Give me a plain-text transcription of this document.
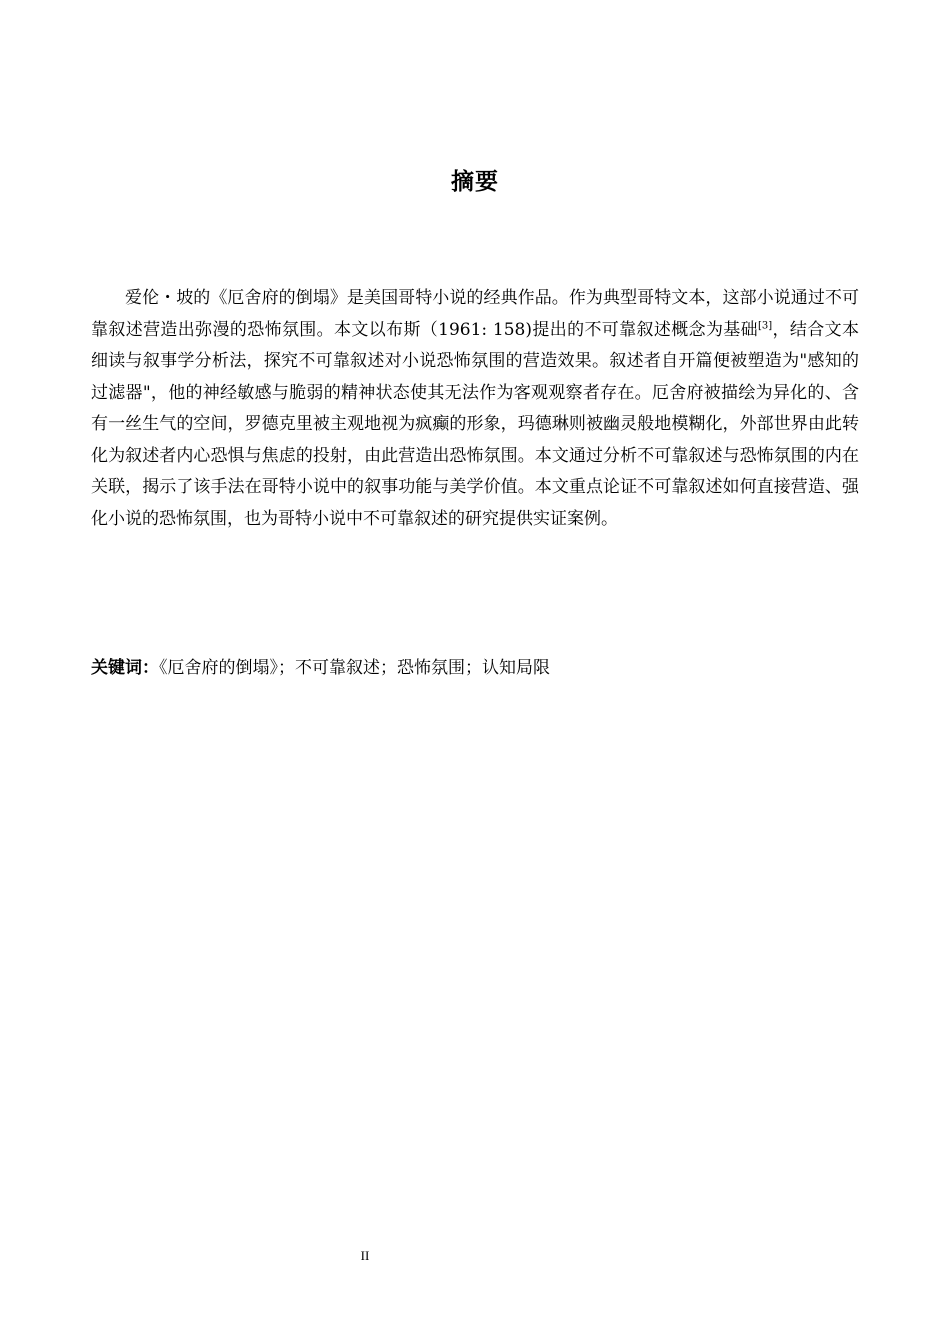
摘要

爱伦・坡的《厄舍府的倒塌》是美国哥特小说的经典作品。作为典型哥特文本，这部小说通过不可靠叙述营造出弥漫的恐怖氛围。本文以布斯（1961: 158)提出的不可靠叙述概念为基础[3]，结合文本细读与叙事学分析法，探究不可靠叙述对小说恐怖氛围的营造效果。叙述者自开篇便被塑造为"感知的过滤器"，他的神经敏感与脆弱的精神状态使其无法作为客观观察者存在。厄舍府被描绘为异化的、含有一丝生气的空间，罗德克里被主观地视为疯癫的形象，玛德琳则被幽灵般地模糊化，外部世界由此转化为叙述者内心恐惧与焦虑的投射，由此营造出恐怖氛围。本文通过分析不可靠叙述与恐怖氛围的内在关联，揭示了该手法在哥特小说中的叙事功能与美学价值。本文重点论证不可靠叙述如何直接营造、强化小说的恐怖氛围，也为哥特小说中不可靠叙述的研究提供实证案例。

关键词：《厄舍府的倒塌》；不可靠叙述；恐怖氛围；认知局限

II
